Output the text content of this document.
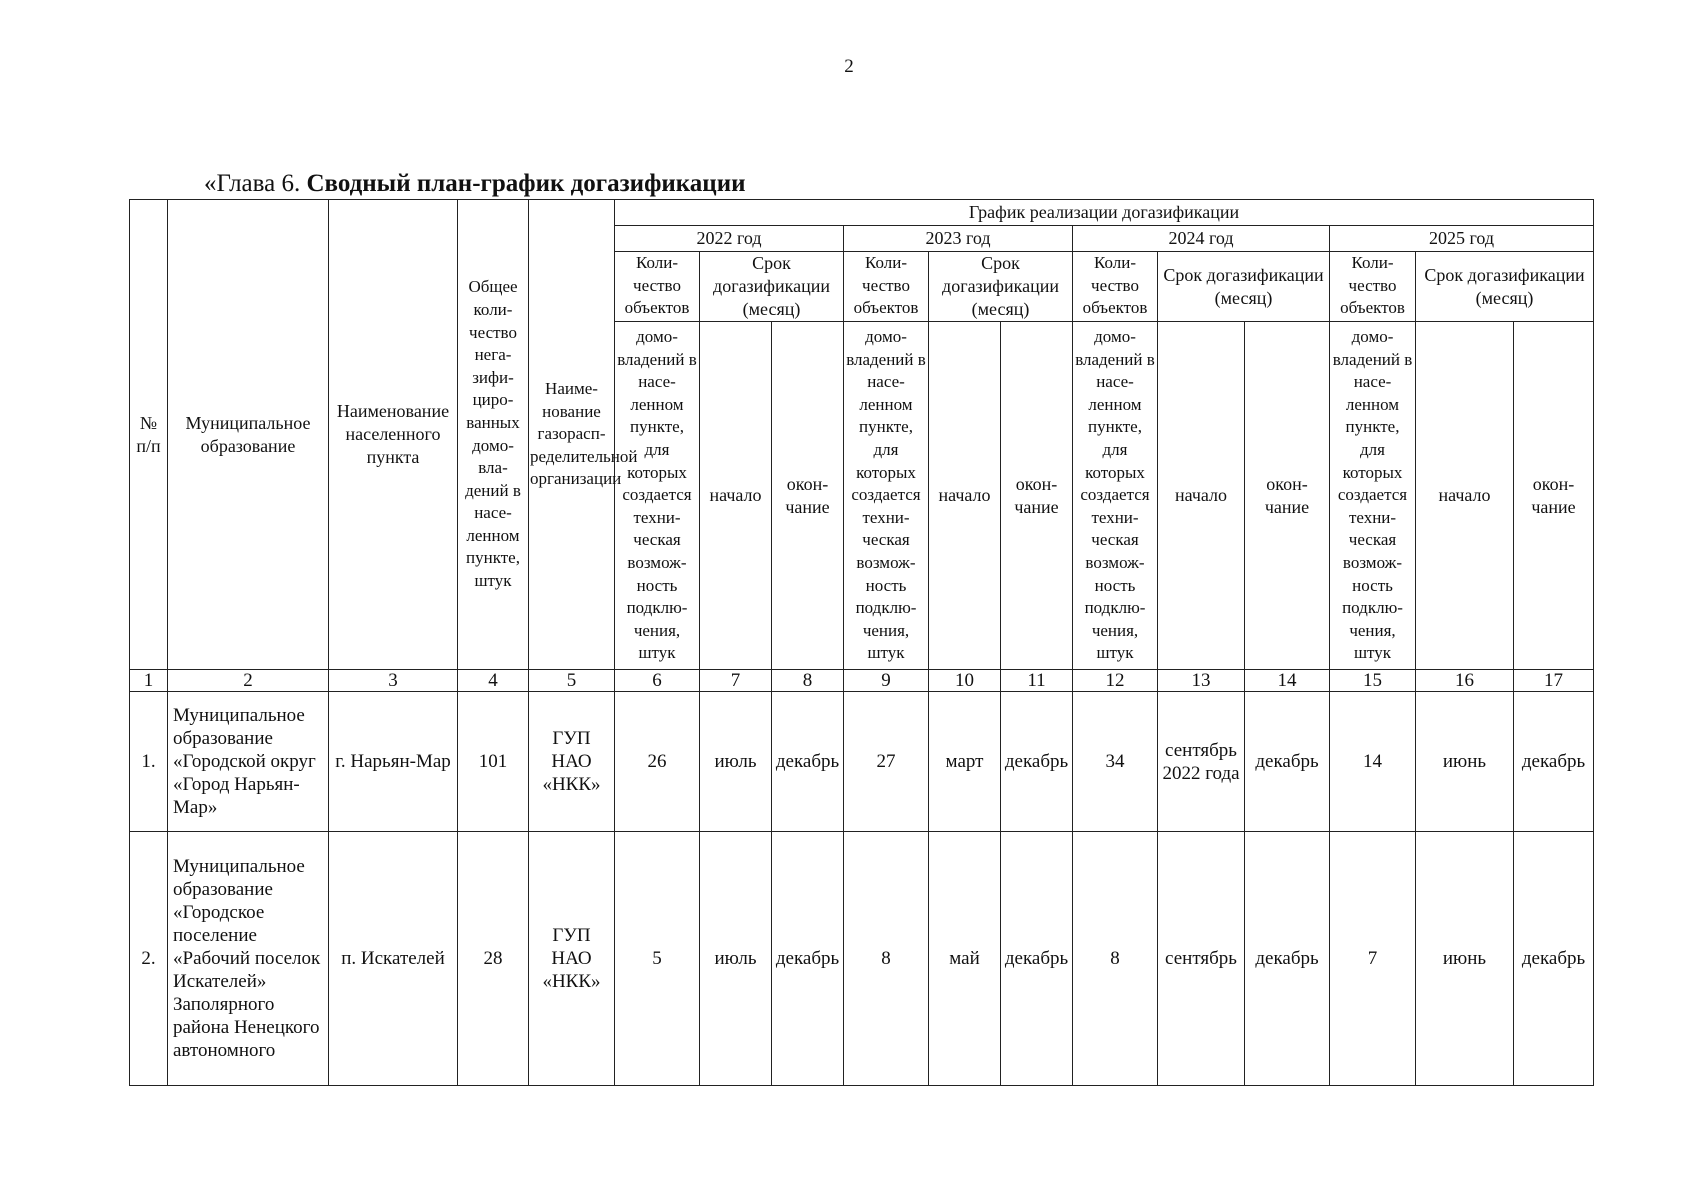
2
«Глава 6. Сводный план-график догазификации
№ п/п	Муниципальное образование	Наименование населенного пункта	Общее коли-чество нега-зифи-циро-ванных домо-вла-дений в насе-ленном пункте, штук	Наиме-нование газорасп-ределительной организации	График реализации догазификации											
					2022 год			2023 год			2024 год			2025 год		
					Коли-чество объектов	Срок догазификации (месяц)		Коли-чество объектов	Срок догазификации (месяц)		Коли-чество объектов	Срок догазификации (месяц)		Коли-чество объектов	Срок догазификации (месяц)	
					домо-владений в насе-ленном пункте, для которых создается техни-ческая возмож-ность подклю-чения, штук	начало	окон-чание	домо-владений в насе-ленном пункте, для которых создается техни-ческая возмож-ность подклю-чения, штук	начало	окон-чание	домо-владений в насе-ленном пункте, для которых создается техни-ческая возмож-ность подклю-чения, штук	начало	окон-чание	домо-владений в насе-ленном пункте, для которых создается техни-ческая возмож-ность подклю-чения, штук	начало	окон-чание
1	2	3	4	5	6	7	8	9	10	11	12	13	14	15	16	17
1.	Муниципальное образование «Городской округ «Город Нарьян-Мар»	г. Нарьян-Мар	101	ГУП НАО «НКК»	26	июль	декабрь	27	март	декабрь	34	сентябрь 2022 года	декабрь	14	июнь	декабрь
2.	Муниципальное образование «Городское поселение «Рабочий поселок Искателей» Заполярного района Ненецкого автономного	п. Искателей	28	ГУП НАО «НКК»	5	июль	декабрь	8	май	декабрь	8	сентябрь	декабрь	7	июнь	декабрь
